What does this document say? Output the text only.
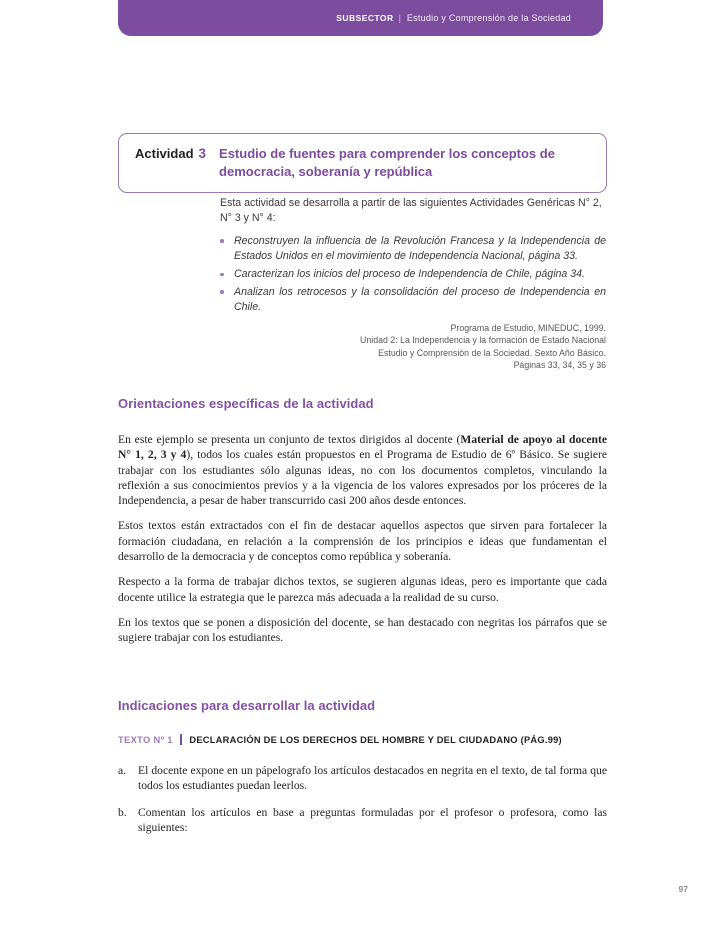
SUBSECTOR | Estudio y Comprensión de la Sociedad
Actividad 3 Estudio de fuentes para comprender los conceptos de democracia, soberanía y república

Esta actividad se desarrolla a partir de las siguientes Actividades Genéricas N° 2, N° 3 y N° 4:

Reconstruyen la influencia de la Revolución Francesa y la Independencia de Estados Unidos en el movimiento de Independencia Nacional, página 33.
Caracterizan los inicios del proceso de Independencia de Chile, página 34.
Analizan los retrocesos y la consolidación del proceso de Independencia en Chile.
Programa de Estudio, MINEDUC, 1999.
Unidad 2: La Independencia y la formación de Estado Nacional
Estudio y Comprensión de la Sociedad. Sexto Año Básico.
Páginas 33, 34, 35 y 36
Orientaciones específicas de la actividad

En este ejemplo se presenta un conjunto de textos dirigidos al docente (Material de apoyo al docente N° 1, 2, 3 y 4), todos los cuales están propuestos en el Programa de Estudio de 6º Básico. Se sugiere trabajar con los estudiantes sólo algunas ideas, no con los documentos completos, vinculando la reflexión a sus conocimientos previos y a la vigencia de los valores expresados por los próceres de la Independencia, a pesar de haber transcurrido casi 200 años desde entonces.

Estos textos están extractados con el fin de destacar aquellos aspectos que sirven para fortalecer la formación ciudadana, en relación a la comprensión de los principios e ideas que fundamentan el desarrollo de la democracia y de conceptos como república y soberanía.

Respecto a la forma de trabajar dichos textos, se sugieren algunas ideas, pero es importante que cada docente utilice la estrategia que le parezca más adecuada a la realidad de su curso.

En los textos que se ponen a disposición del docente, se han destacado con negritas los párrafos que se sugiere trabajar con los estudiantes.

Indicaciones para desarrollar la actividad
TEXTO Nº 1 DECLARACIÓN DE LOS DERECHOS DEL HOMBRE Y DEL CIUDADANO (PÁG.99)
a.	El docente expone en un pápelografo los artículos destacados en negrita en el texto, de tal forma que todos los estudiantes puedan leerlos.
b. Comentan los artículos en base a preguntas formuladas por el profesor o profesora, como las siguientes:
97
